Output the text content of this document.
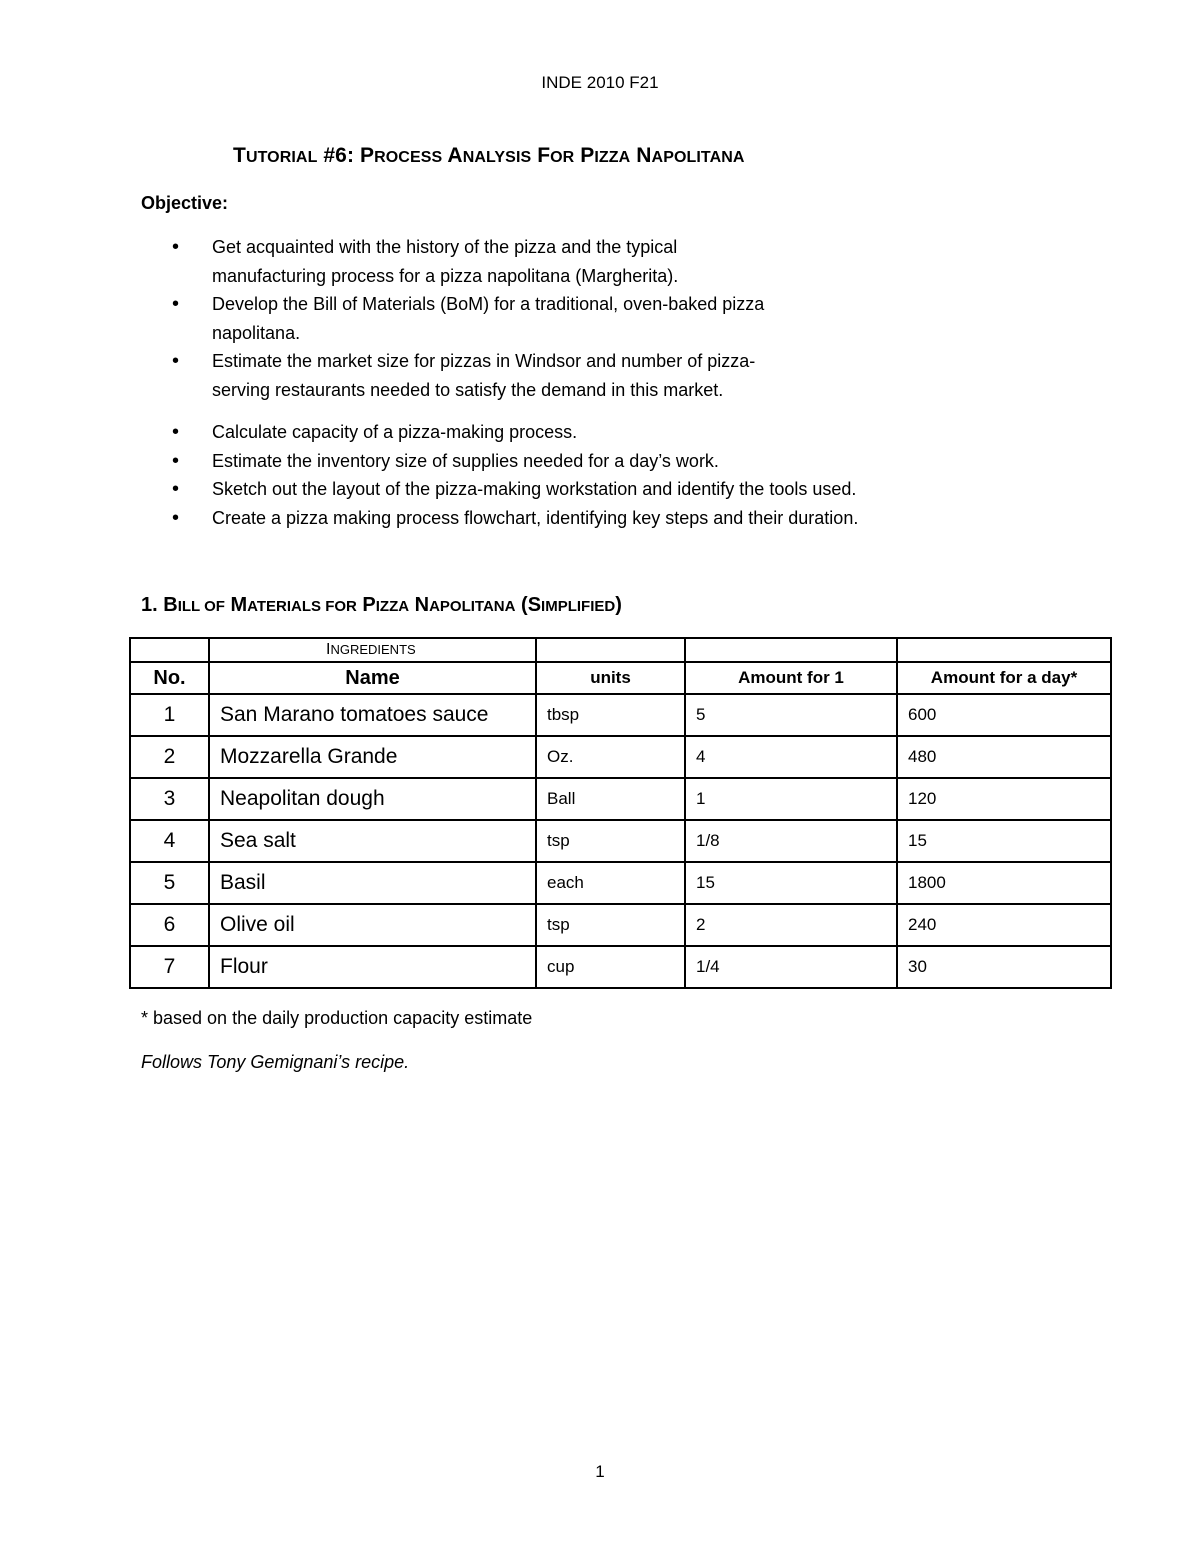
INDE 2010 F21
TUTORIAL #6: PROCESS ANALYSIS FOR PIZZA NAPOLITANA
Objective:
• Get acquainted with the history of the pizza and the typical
manufacturing process for a pizza napolitana (Margherita).
• Develop the Bill of Materials (BoM) for a traditional, oven-baked pizza
napolitana.
• Estimate the market size for pizzas in Windsor and number of pizza-
serving restaurants needed to satisfy the demand in this market.
• Calculate capacity of a pizza-making process.
• Estimate the inventory size of supplies needed for a day’s work.
• Sketch out the layout of the pizza-making workstation and identify the tools used.
• Create a pizza making process flowchart, identifying key steps and their duration.
1. BILL OF MATERIALS FOR PIZZA NAPOLITANA (SIMPLIFIED)
	INGREDIENTS			
No.	Name	units	Amount for 1	Amount for a day*
1	San Marano tomatoes sauce	tbsp	5	600
2	Mozzarella Grande	Oz.	4	480
3	Neapolitan dough	Ball	1	120
4	Sea salt	tsp	1/8	15
5	Basil	each	15	1800
6	Olive oil	tsp	2	240
7	Flour	cup	1/4	30
* based on the daily production capacity estimate
Follows Tony Gemignani’s recipe.
1
